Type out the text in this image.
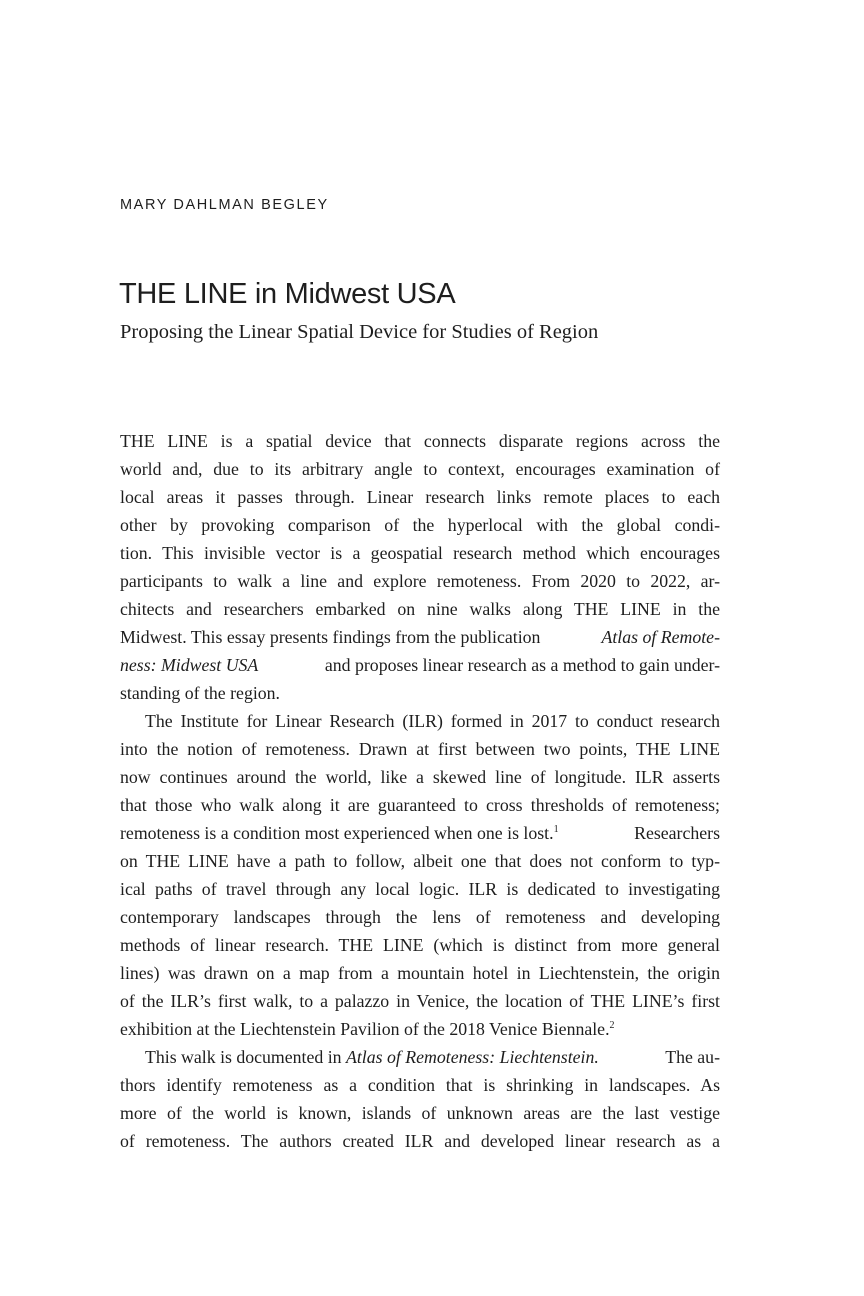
MARY DAHLMAN BEGLEY
THE LINE in Midwest USA
Proposing the Linear Spatial Device for Studies of Region

THE LINE is a spatial device that connects disparate regions across the
world and, due to its arbitrary angle to context, encourages examination of
local areas it passes through. Linear research links remote places to each
other by provoking comparison of the hyperlocal with the global condi-
tion. This invisible vector is a geospatial research method which encourages
participants to walk a line and explore remoteness. From 2020 to 2022, ar-
chitects and researchers embarked on nine walks along THE LINE in the
Midwest. This essay presents findings from the publication	Atlas of Remote-
ness: Midwest USA	and proposes linear research as a method to gain under-
standing of the region.

The Institute for Linear Research (ILR) formed in 2017 to conduct research
into the notion of remoteness. Drawn at first between two points, THE LINE
now continues around the world, like a skewed line of longitude. ILR asserts
that those who walk along it are guaranteed to cross thresholds of remoteness;
remoteness is a condition most experienced when one is lost.$^1$	Researchers
on THE LINE have a path to follow, albeit one that does not conform to typ-
ical paths of travel through any local logic. ILR is dedicated to investigating
contemporary landscapes through the lens of remoteness and developing
methods of linear research. THE LINE (which is distinct from more general
lines) was drawn on a map from a mountain hotel in Liechtenstein, the origin
of the ILR’s first walk, to a palazzo in Venice, the location of THE LINE’s first
exhibition at the Liechtenstein Pavilion of the 2018 Venice Biennale.$^2$

This walk is documented in Atlas of Remoteness: Liechtenstein.	The au-
thors identify remoteness as a condition that is shrinking in landscapes. As
more of the world is known, islands of unknown areas are the last vestige
of remoteness. The authors created ILR and developed linear research as a
